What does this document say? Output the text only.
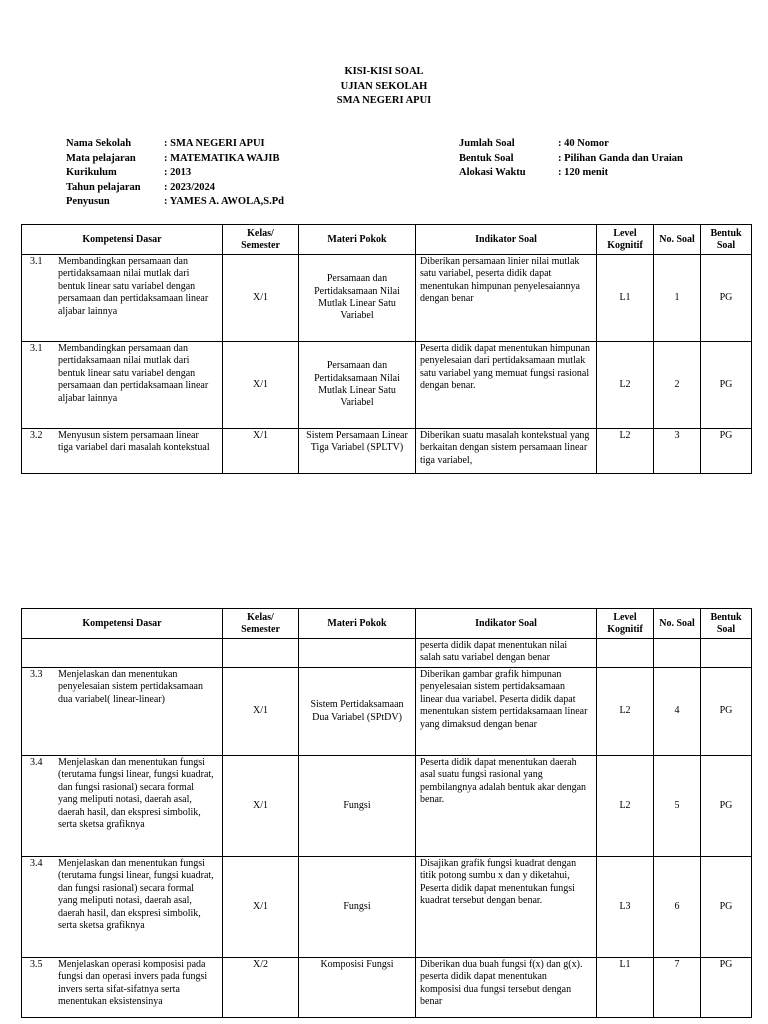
KISI-KISI SOAL
UJIAN SEKOLAH
SMA NEGERI APUI
Nama Sekolah	: SMA NEGERI APUI
Mata pelajaran	: MATEMATIKA WAJIB
Kurikulum	: 2013
Tahun pelajaran	: 2023/2024
Penyusun	: YAMES A. AWOLA,S.Pd
Jumlah Soal	: 40 Nomor
Bentuk Soal	: Pilihan Ganda dan Uraian
Alokasi Waktu	: 120 menit
Kompetensi Dasar	Kelas/ Semester	Materi Pokok	Indikator Soal	Level Kognitif	No. Soal	Bentuk Soal

3.1 Membandingkan persamaan dan pertidaksamaan nilai mutlak dari bentuk linear satu variabel dengan persamaan dan pertidaksamaan linear aljabar lainnya	X/1	Persamaan dan Pertidaksamaan Nilai Mutlak Linear Satu Variabel	Diberikan persamaan linier nilai mutlak satu variabel, peserta didik dapat menentukan himpunan penyelesaiannya dengan benar	L1	1	PG

3.1 Membandingkan persamaan dan pertidaksamaan nilai mutlak dari bentuk linear satu variabel dengan persamaan dan pertidaksamaan linear aljabar lainnya	X/1	Persamaan dan Pertidaksamaan Nilai Mutlak Linear Satu Variabel	Peserta didik dapat menentukan himpunan penyelesaian dari pertidaksamaan mutlak satu variabel yang memuat fungsi rasional dengan benar.	L2	2	PG

3.2 Menyusun sistem persamaan linear tiga variabel dari masalah kontekstual	X/1	Sistem Persamaan Linear Tiga Variabel (SPLTV)	Diberikan suatu masalah kontekstual yang berkaitan dengan sistem persamaan linear tiga variabel,	L2	3	PG
Kompetensi Dasar	Kelas/ Semester	Materi Pokok	Indikator Soal	Level Kognitif	No. Soal	Bentuk Soal
			peserta didik dapat menentukan nilai salah satu variabel dengan benar			

3.3 Menjelaskan dan menentukan penyelesaian sistem pertidaksamaan dua variabel( linear-linear)	X/1	Sistem Pertidaksamaan Dua Variabel (SPtDV)	Diberikan gambar grafik himpunan penyelesaian sistem pertidaksamaan linear dua variabel. Peserta didik dapat menentukan sistem pertidaksamaan linear yang dimaksud dengan benar	L2	4	PG

3.4 Menjelaskan dan menentukan fungsi (terutama fungsi linear, fungsi kuadrat, dan fungsi rasional) secara formal yang meliputi notasi, daerah asal, daerah hasil, dan ekspresi simbolik, serta sketsa grafiknya	X/1	Fungsi	Peserta didik dapat menentukan daerah asal suatu fungsi rasional yang pembilangnya adalah bentuk akar dengan benar.	L2	5	PG

3.4 Menjelaskan dan menentukan fungsi (terutama fungsi linear, fungsi kuadrat, dan fungsi rasional) secara formal yang meliputi notasi, daerah asal, daerah hasil, dan ekspresi simbolik, serta sketsa grafiknya	X/1	Fungsi	Disajikan grafik fungsi kuadrat dengan titik potong sumbu x dan y diketahui, Peserta didik dapat menentukan fungsi kuadrat tersebut dengan benar.	L3	6	PG

3.5 Menjelaskan operasi komposisi pada fungsi dan operasi invers pada fungsi invers serta sifat-sifatnya serta menentukan eksistensinya	X/2	Komposisi Fungsi	Diberikan dua buah fungsi f(x) dan g(x). peserta didik dapat menentukan komposisi dua fungsi tersebut dengan benar	L1	7	PG
